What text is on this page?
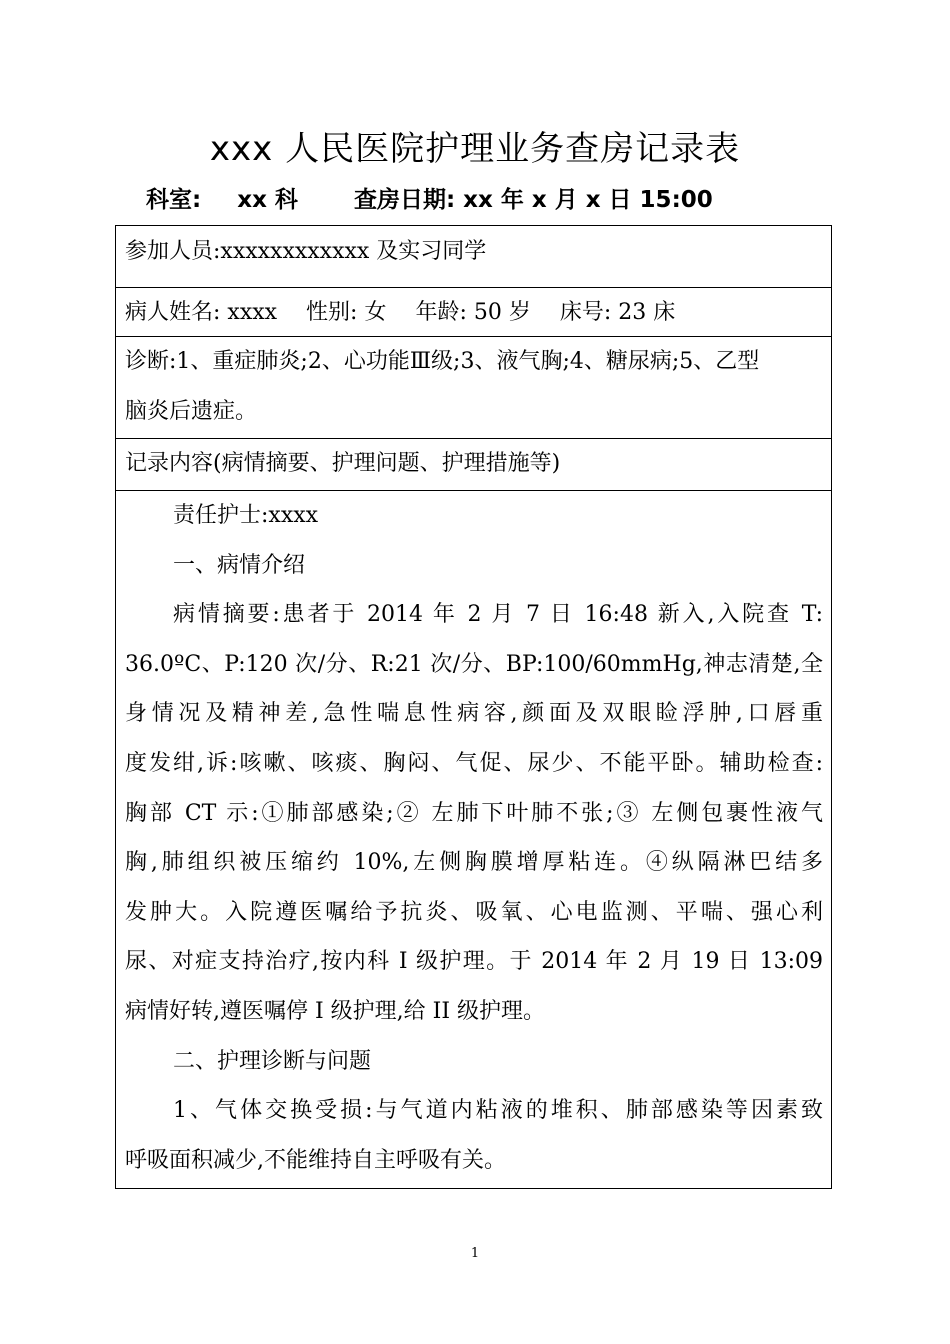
xxx 人民医院护理业务查房记录表
科室: xx 科 查房日期: xx 年 x 月 x 日 15:00
参加人员:xxxxxxxxxxxx 及实习同学
病人姓名: xxxx 性别: 女 年龄: 50 岁 床号: 23 床
诊断:1、重症肺炎;2、心功能Ⅲ级;3、液气胸;4、糖尿病;5、乙型
脑炎后遗症。
记录内容(病情摘要、护理问题、护理措施等)

责任护士:xxxx

一、病情介绍

病情摘要:患者于 2014 年 2 月 7 日 16:48 新入,入院查 T:

36.0ºC、P:120 次/分、R:21 次/分、BP:100/60mmHg,神志清楚,全

身情况及精神差,急性喘息性病容,颜面及双眼睑浮肿,口唇重

度发绀,诉:咳嗽、咳痰、胸闷、气促、尿少、不能平卧。辅助检查:

胸部 CT 示:①肺部感染;② 左肺下叶肺不张;③ 左侧包裹性液气

胸,肺组织被压缩约 10%,左侧胸膜增厚粘连。④纵隔淋巴结多

发肿大。入院遵医嘱给予抗炎、吸氧、心电监测、平喘、强心利

尿、对症支持治疗,按内科 I 级护理。于 2014 年 2 月 19 日 13:09

病情好转,遵医嘱停 I 级护理,给 II 级护理。

二、护理诊断与问题

1、气体交换受损:与气道内粘液的堆积、肺部感染等因素致

呼吸面积减少,不能维持自主呼吸有关。

1
